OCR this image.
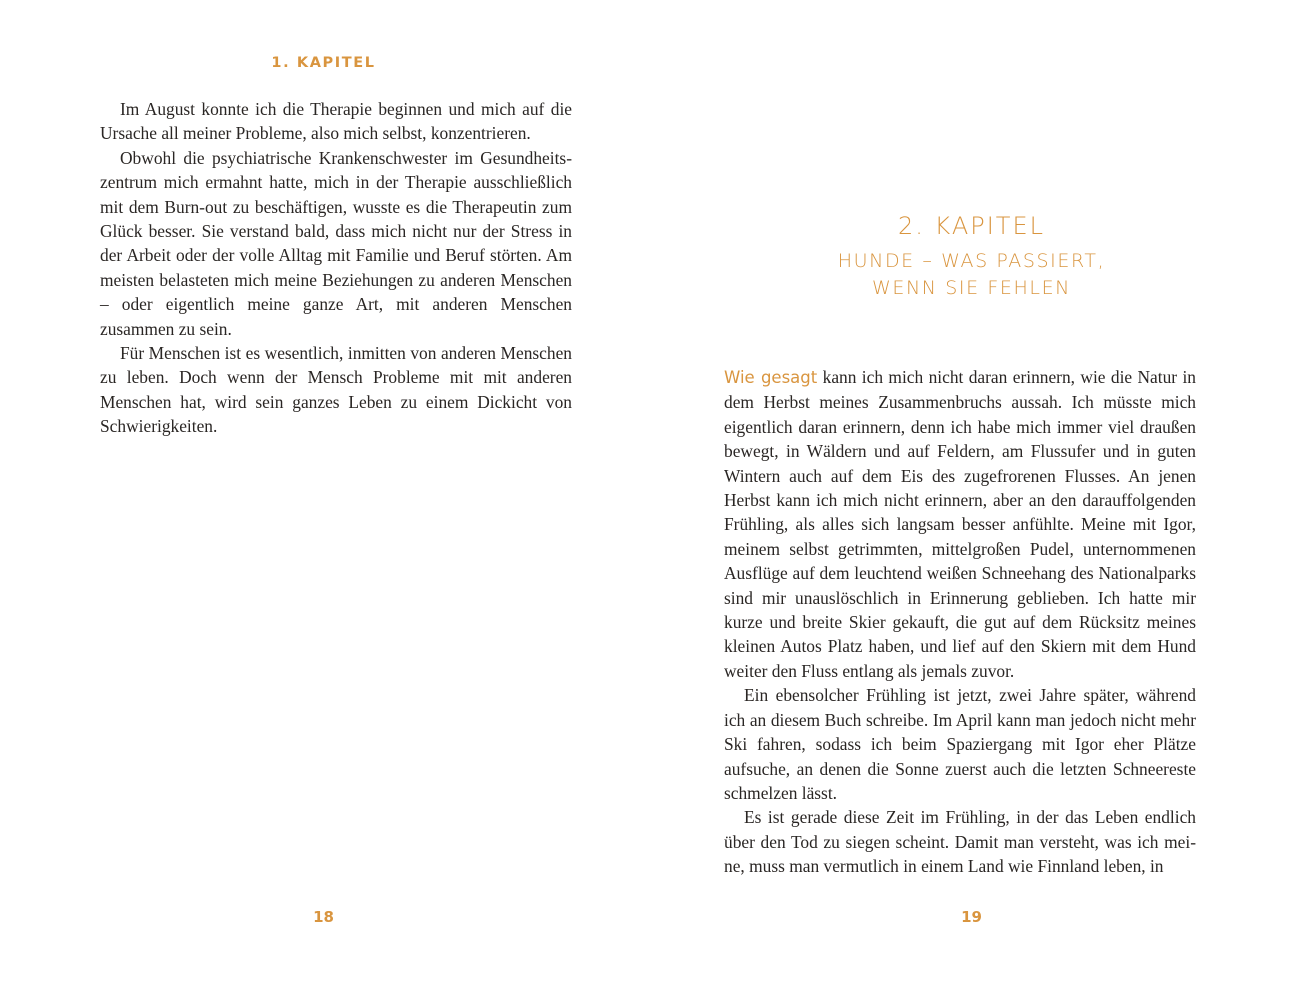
1. KAPITEL

Im August konnte ich die Therapie beginnen und mich auf die Ursache all meiner Probleme, also mich selbst, konzentrieren.

Obwohl die psychiatrische Krankenschwester im Gesundheitszentrum mich ermahnt hatte, mich in der Therapie ausschließlich mit dem Burn-out zu beschäftigen, wusste es die Therapeutin zum Glück besser. Sie verstand bald, dass mich nicht nur der Stress in der Arbeit oder der volle Alltag mit Familie und Beruf störten. Am meisten belasteten mich meine Beziehungen zu anderen Menschen – oder eigentlich meine ganze Art, mit anderen Menschen zusammen zu sein.

Für Menschen ist es wesentlich, inmitten von anderen Menschen zu leben. Doch wenn der Mensch Probleme mit mit anderen Menschen hat, wird sein ganzes Leben zu einem Dickicht von Schwierigkeiten.

18
2. KAPITEL
HUNDE – WAS PASSIERT,
WENN SIE FEHLEN

Wie gesagt kann ich mich nicht daran erinnern, wie die Natur in dem Herbst meines Zusammenbruchs aussah. Ich müsste mich eigentlich daran erinnern, denn ich habe mich immer viel draußen bewegt, in Wäldern und auf Feldern, am Flussufer und in guten Wintern auch auf dem Eis des zugefrorenen Flusses. An jenen Herbst kann ich mich nicht erinnern, aber an den darauffolgenden Frühling, als alles sich langsam besser anfühlte. Meine mit Igor, meinem selbst getrimmten, mittelgroßen Pudel, unternommenen Ausflüge auf dem leuchtend weißen Schneehang des Nationalparks sind mir unauslöschlich in Erinnerung geblieben. Ich hatte mir kurze und breite Skier gekauft, die gut auf dem Rücksitz meines kleinen Autos Platz haben, und lief auf den Skiern mit dem Hund weiter den Fluss entlang als jemals zuvor.

Ein ebensolcher Frühling ist jetzt, zwei Jahre später, während ich an diesem Buch schreibe. Im April kann man jedoch nicht mehr Ski fahren, sodass ich beim Spaziergang mit Igor eher Plätze aufsuche, an denen die Sonne zuerst auch die letzten Schneereste schmelzen lässt.

Es ist gerade diese Zeit im Frühling, in der das Leben endlich über den Tod zu siegen scheint. Damit man versteht, was ich meine, muss man vermutlich in einem Land wie Finnland leben, in

19
